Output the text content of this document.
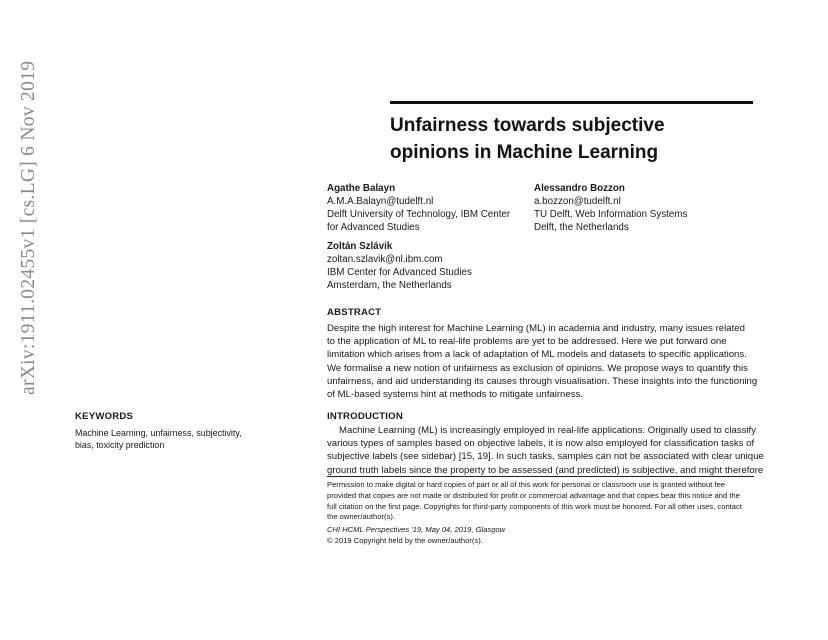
arXiv:1911.02455v1 [cs.LG] 6 Nov 2019	Unfairness towards subjective
opinions in Machine Learning
Agathe Balayn
A.M.A.Balayn@tudelft.nl
Delft University of Technology, IBM Center
for Advanced Studies
Alessandro Bozzon
a.bozzon@tudelft.nl
TU Delft, Web Information Systems
Delft, the Netherlands
Zoltán Szlávik
zoltan.szlavik@nl.ibm.com
IBM Center for Advanced Studies
Amsterdam, the Netherlands
ABSTRACT
Despite the high interest for Machine Learning (ML) in academia and industry, many issues related
to the application of ML to real-life problems are yet to be addressed. Here we put forward one
limitation which arises from a lack of adaptation of ML models and datasets to specific applications.
We formalise a new notion of unfairness as exclusion of opinions. We propose ways to quantify this
unfairness, and aid understanding its causes through visualisation. These insights into the functioning
of ML-based systems hint at methods to mitigate unfairness.
KEYWORDS
Machine Learning, unfairness, subjectivity,
bias, toxicity prediction
INTRODUCTION
Machine Learning (ML) is increasingly employed in real-life applications. Originally used to classify
various types of samples based on objective labels, it is now also employed for classification tasks of
subjective labels (see sidebar) [15, 19]. In such tasks, samples can not be associated with clear unique
ground truth labels since the property to be assessed (and predicted) is subjective, and might therefore
Permission to make digital or hard copies of part or all of this work for personal or classroom use is granted without fee
provided that copies are not made or distributed for profit or commercial advantage and that copies bear this notice and the
full citation on the first page. Copyrights for third-party components of this work must be honored. For all other uses, contact
the owner/author(s).
CHI HCML Perspectives '19, May 04, 2019, Glasgow
© 2019 Copyright held by the owner/author(s).
